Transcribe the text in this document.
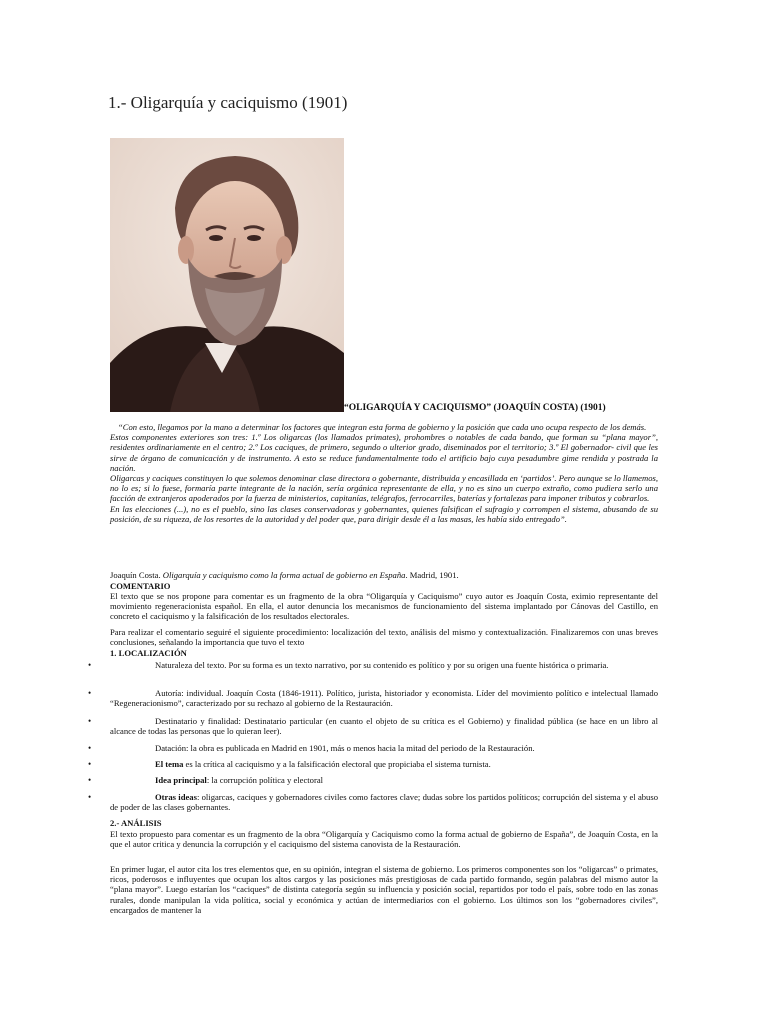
1.- Oligarquía y caciquismo (1901)
“OLIGARQUÍA Y CACIQUISMO” (JOAQUÍN COSTA) (1901)

“Con esto, llegamos por la mano a determinar los factores que integran esta forma de gobierno y la posición que cada uno ocupa respecto de los demás.

Estos componentes exteriores son tres: 1.º Los oligarcas (los llamados primates), prohombres o notables de cada bando, que forman su “plana mayor”, residentes ordinariamente en el centro; 2.º Los caciques, de primero, segundo o ulterior grado, diseminados por el territorio; 3.º El gobernador- civil que les sirve de órgano de comunicación y de instrumento. A esto se reduce fundamentalmente todo el artificio bajo cuya pesadumbre gime rendida y postrada la nación.

Oligarcas y caciques constituyen lo que solemos denominar clase directora o gobernante, distribuida y encasillada en ‘partidos’. Pero aunque se lo llamemos, no lo es; si lo fuese, formaría parte integrante de la nación, sería orgánica representante de ella, y no es sino un cuerpo extraño, como pudiera serlo una facción de extranjeros apoderados por la fuerza de ministerios, capitanías, telégrafos, ferrocarriles, baterías y fortalezas para imponer tributos y cobrarlos.

En las elecciones (...), no es el pueblo, sino las clases conservadoras y gobernantes, quienes falsifican el sufragio y corrompen el sistema, abusando de su posición, de su riqueza, de los resortes de la autoridad y del poder que, para dirigir desde él a las masas, les había sido entregado”.

Joaquín Costa. Oligarquía y caciquismo como la forma actual de gobierno en España. Madrid, 1901.
COMENTARIO
El texto que se nos propone para comentar es un fragmento de la obra “Oligarquía y Caciquismo” cuyo autor es Joaquín Costa, eximio representante del movimiento regeneracionista español. En ella, el autor denuncia los mecanismos de funcionamiento del sistema implantado por Cánovas del Castillo, en concreto el caciquismo y la falsificación de los resultados electorales.
Para realizar el comentario seguiré el siguiente procedimiento: localización del texto, análisis del mismo y contextualización. Finalizaremos con unas breves conclusiones, señalando la importancia que tuvo el texto
1. LOCALIZACIÓN
•	Naturaleza del texto. Por su forma es un texto narrativo, por su contenido es político y por su origen una fuente histórica o primaria.
•	Autoría: individual. Joaquín Costa (1846-1911). Político, jurista, historiador y economista. Líder del movimiento político e intelectual llamado “Regeneracionismo”, caracterizado por su rechazo al gobierno de la Restauración.
•	Destinatario y finalidad: Destinatario particular (en cuanto el objeto de su crítica es el Gobierno) y finalidad pública (se hace en un libro al alcance de todas las personas que lo quieran leer).
•	Datación: la obra es publicada en Madrid en 1901, más o menos hacia la mitad del periodo de la Restauración.
•	El tema es la crítica al caciquismo y a la falsificación electoral que propiciaba el sistema turnista.
•	Idea principal: la corrupción política y electoral
•	Otras ideas: oligarcas, caciques y gobernadores civiles como factores clave; dudas sobre los partidos políticos; corrupción del sistema y el abuso de poder de las clases gobernantes.
2.- ANÁLISIS
El texto propuesto para comentar es un fragmento de la obra “Oligarquía y Caciquismo como la forma actual de gobierno de España”, de Joaquín Costa, en la que el autor critica y denuncia la corrupción y el caciquismo del sistema canovista de la Restauración.
En primer lugar, el autor cita los tres elementos que, en su opinión, integran el sistema de gobierno. Los primeros componentes son los “oligarcas” o primates, ricos, poderosos e influyentes que ocupan los altos cargos y las posiciones más prestigiosas de cada partido formando, según palabras del mismo autor la “plana mayor”. Luego estarían los “caciques” de distinta categoría según su influencia y posición social, repartidos por todo el país, sobre todo en las zonas rurales, donde manipulan la vida política, social y económica y actúan de intermediarios con el gobierno. Los últimos son los “gobernadores civiles”, encargados de mantener la
